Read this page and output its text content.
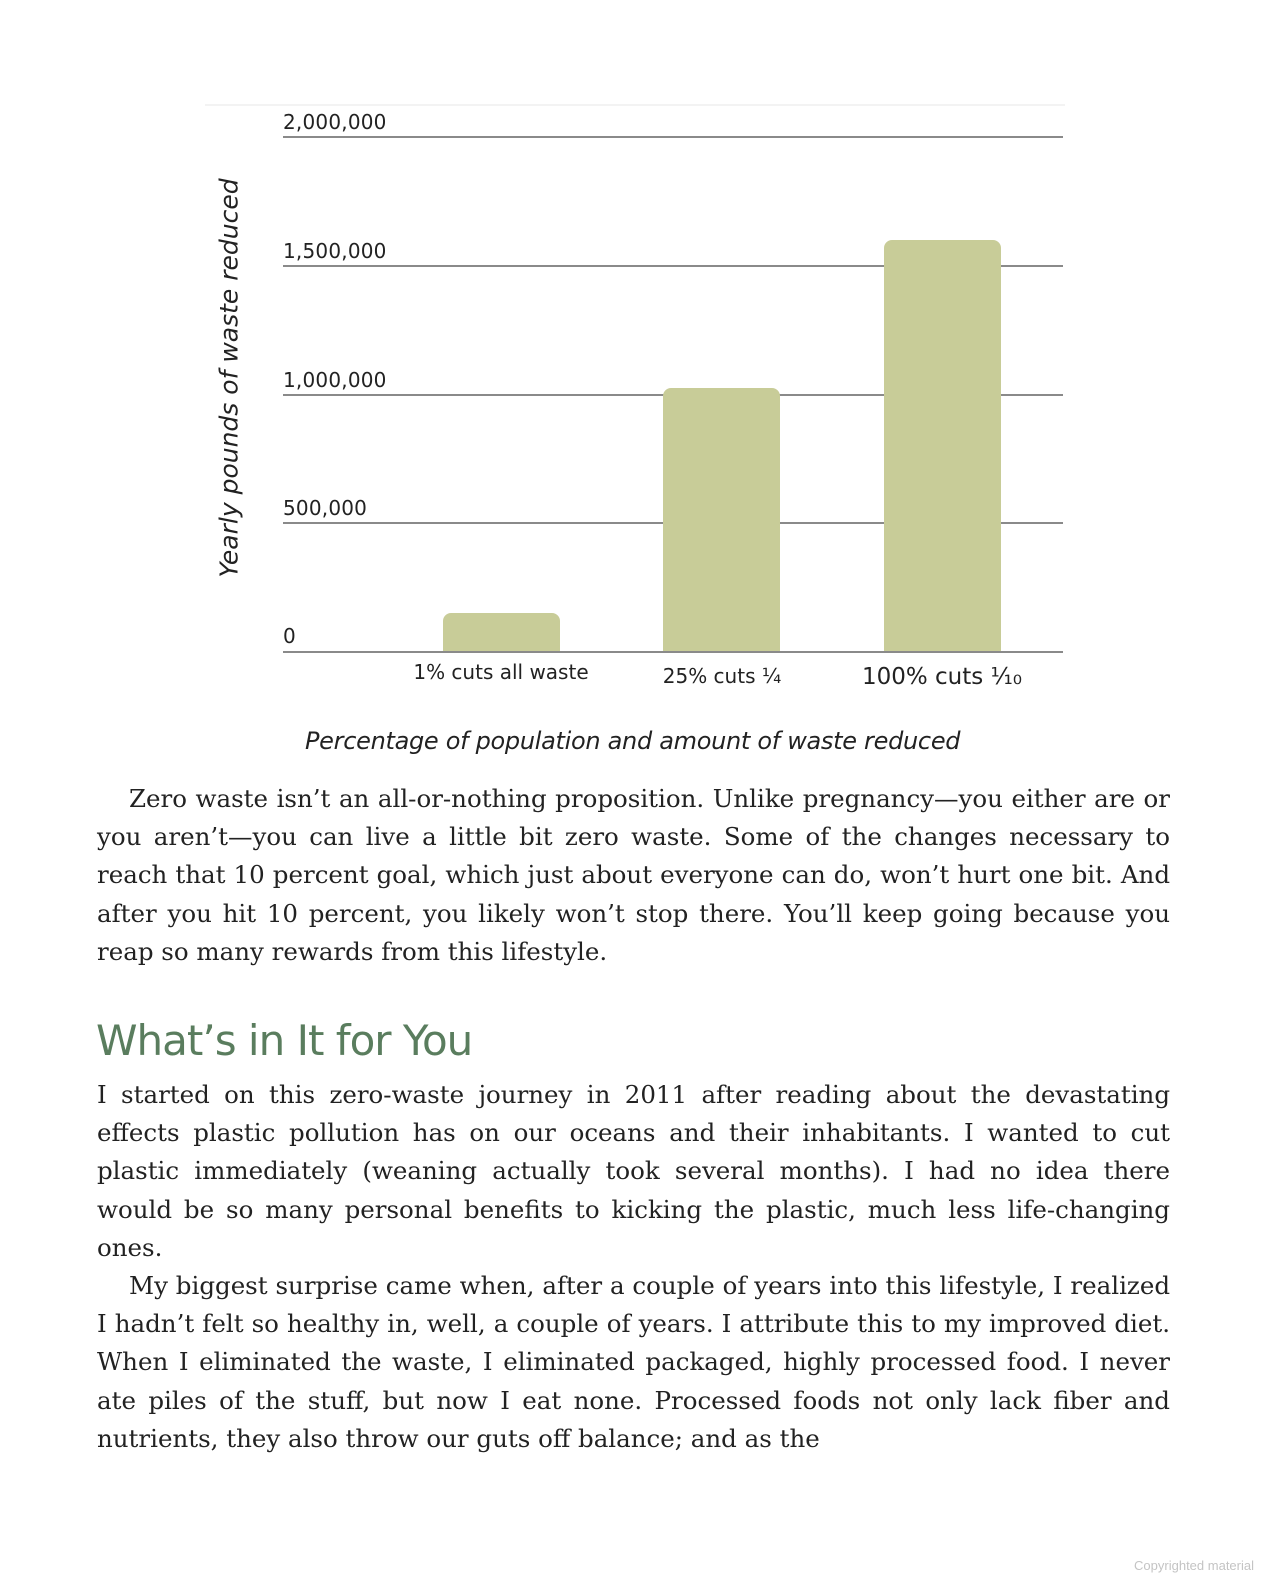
2,000,000
1,500,000
1,000,000
500,000
0
1% cuts all waste	25% cuts ¼	100% cuts ⅒
Yearly pounds of waste reduced
Percentage of population and amount of waste reduced

Zero waste isn’t an all-or-nothing proposition. Unlike pregnancy—you either are or you aren’t—you can live a little bit zero waste. Some of the changes necessary to reach that 10 percent goal, which just about everyone can do, won’t hurt one bit. And after you hit 10 percent, you likely won’t stop there. You’ll keep going because you reap so many rewards from this lifestyle.

What’s in It for You

I started on this zero-waste journey in 2011 after reading about the devastating effects plastic pollution has on our oceans and their inhabitants. I wanted to cut plastic immediately (weaning actually took several months). I had no idea there would be so many personal benefits to kicking the plastic, much less life-changing ones.

My biggest surprise came when, after a couple of years into this lifestyle, I realized I hadn’t felt so healthy in, well, a couple of years. I attribute this to my improved diet. When I eliminated the waste, I eliminated packaged, highly processed food. I never ate piles of the stuff, but now I eat none. Processed foods not only lack fiber and nutrients, they also throw our guts off balance; and as the

Copyrighted material
